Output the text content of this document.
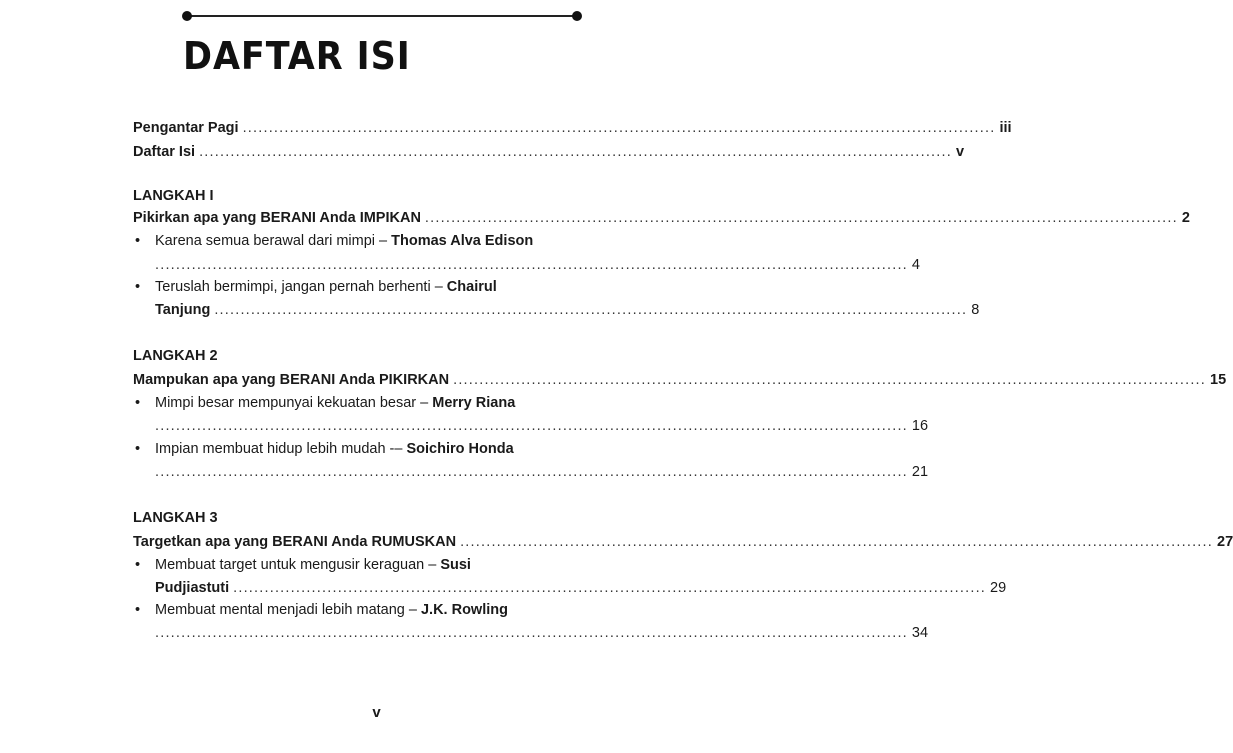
DAFTAR ISI
Pengantar Pagi ................................................................................................................................................ iii
Daftar Isi ................................................................................................................................................ v
LANGKAH I
Pikirkan apa yang BERANI Anda IMPIKAN ................................................................................................................................................ 2
• Karena semua berawal dari mimpi – Thomas Alva Edison
................................................................................................................................................ 4
• Teruslah bermimpi, jangan pernah berhenti – Chairul
Tanjung ................................................................................................................................................ 8
LANGKAH 2
Mampukan apa yang BERANI Anda PIKIRKAN ................................................................................................................................................ 15
• Mimpi besar mempunyai kekuatan besar – Merry Riana
................................................................................................................................................ 16
• Impian membuat hidup lebih mudah -– Soichiro Honda
................................................................................................................................................ 21
LANGKAH 3
Targetkan apa yang BERANI Anda RUMUSKAN ................................................................................................................................................ 27
• Membuat target untuk mengusir keraguan – Susi
Pudjiastuti ................................................................................................................................................ 29
• Membuat mental menjadi lebih matang – J.K. Rowling
................................................................................................................................................ 34
v
